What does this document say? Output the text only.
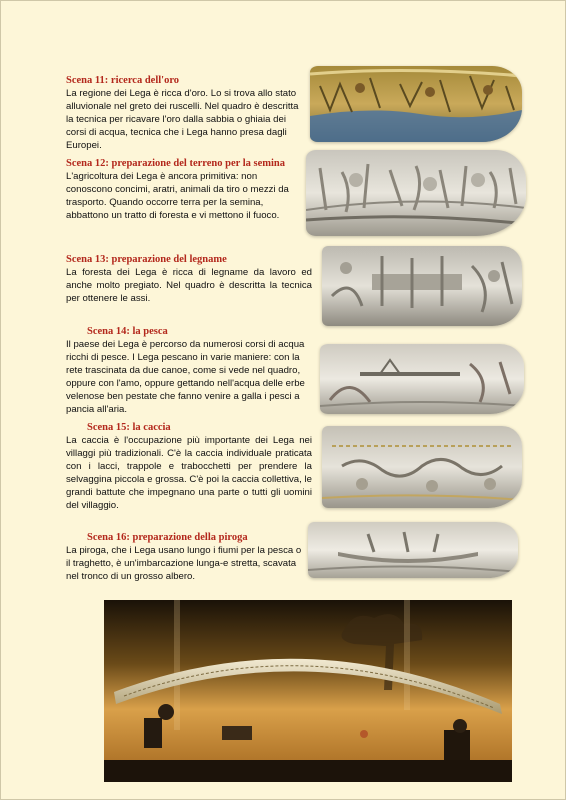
Scena 11: ricerca dell'oro

La regione dei Lega è ricca d'oro. Lo si trova allo stato alluvionale nel greto dei ruscelli. Nel quadro è descritta la tecnica per ricavare l'oro dalla sabbia o ghiaia dei corsi di acqua, tecnica che i Lega hanno presa dagli Europei.

Scena 12: preparazione del terreno per la semina

L'agricoltura dei Lega è ancora primitiva: non conoscono concimi, aratri, animali da tiro o mezzi da trasporto. Quando occorre terra per la semina, abbattono un tratto di foresta e vi mettono il fuoco.

Scena 13: preparazione del legname

La foresta dei Lega è ricca di legname da lavoro ed anche molto pregiato. Nel quadro è descritta la tecnica per ottenere le assi.

Scena 14: la pesca

Il paese dei Lega è percorso da numerosi corsi di acqua ricchi di pesce. I Lega pescano in varie maniere: con la rete trascinata da due canoe, come si vede nel quadro, oppure con l'amo, oppure gettando nell'acqua delle erbe velenose ben pestate che fanno venire a galla i pesci a pancia all'aria.

Scena 15: la caccia

La caccia è l'occupazione più importante dei Lega nei villaggi più tradizionali. C'è la caccia individuale praticata con i lacci, trappole e trabocchetti per prendere la selvaggina piccola e grossa. C'è poi la caccia collettiva, le grandi battute che impegnano una parte o tutti gli uomini del villaggio.

Scena 16: preparazione della piroga

La piroga, che i Lega usano lungo i fiumi per la pesca o il traghetto, è un'imbarcazione lunga-e stretta, scavata nel tronco di un grosso albero.
